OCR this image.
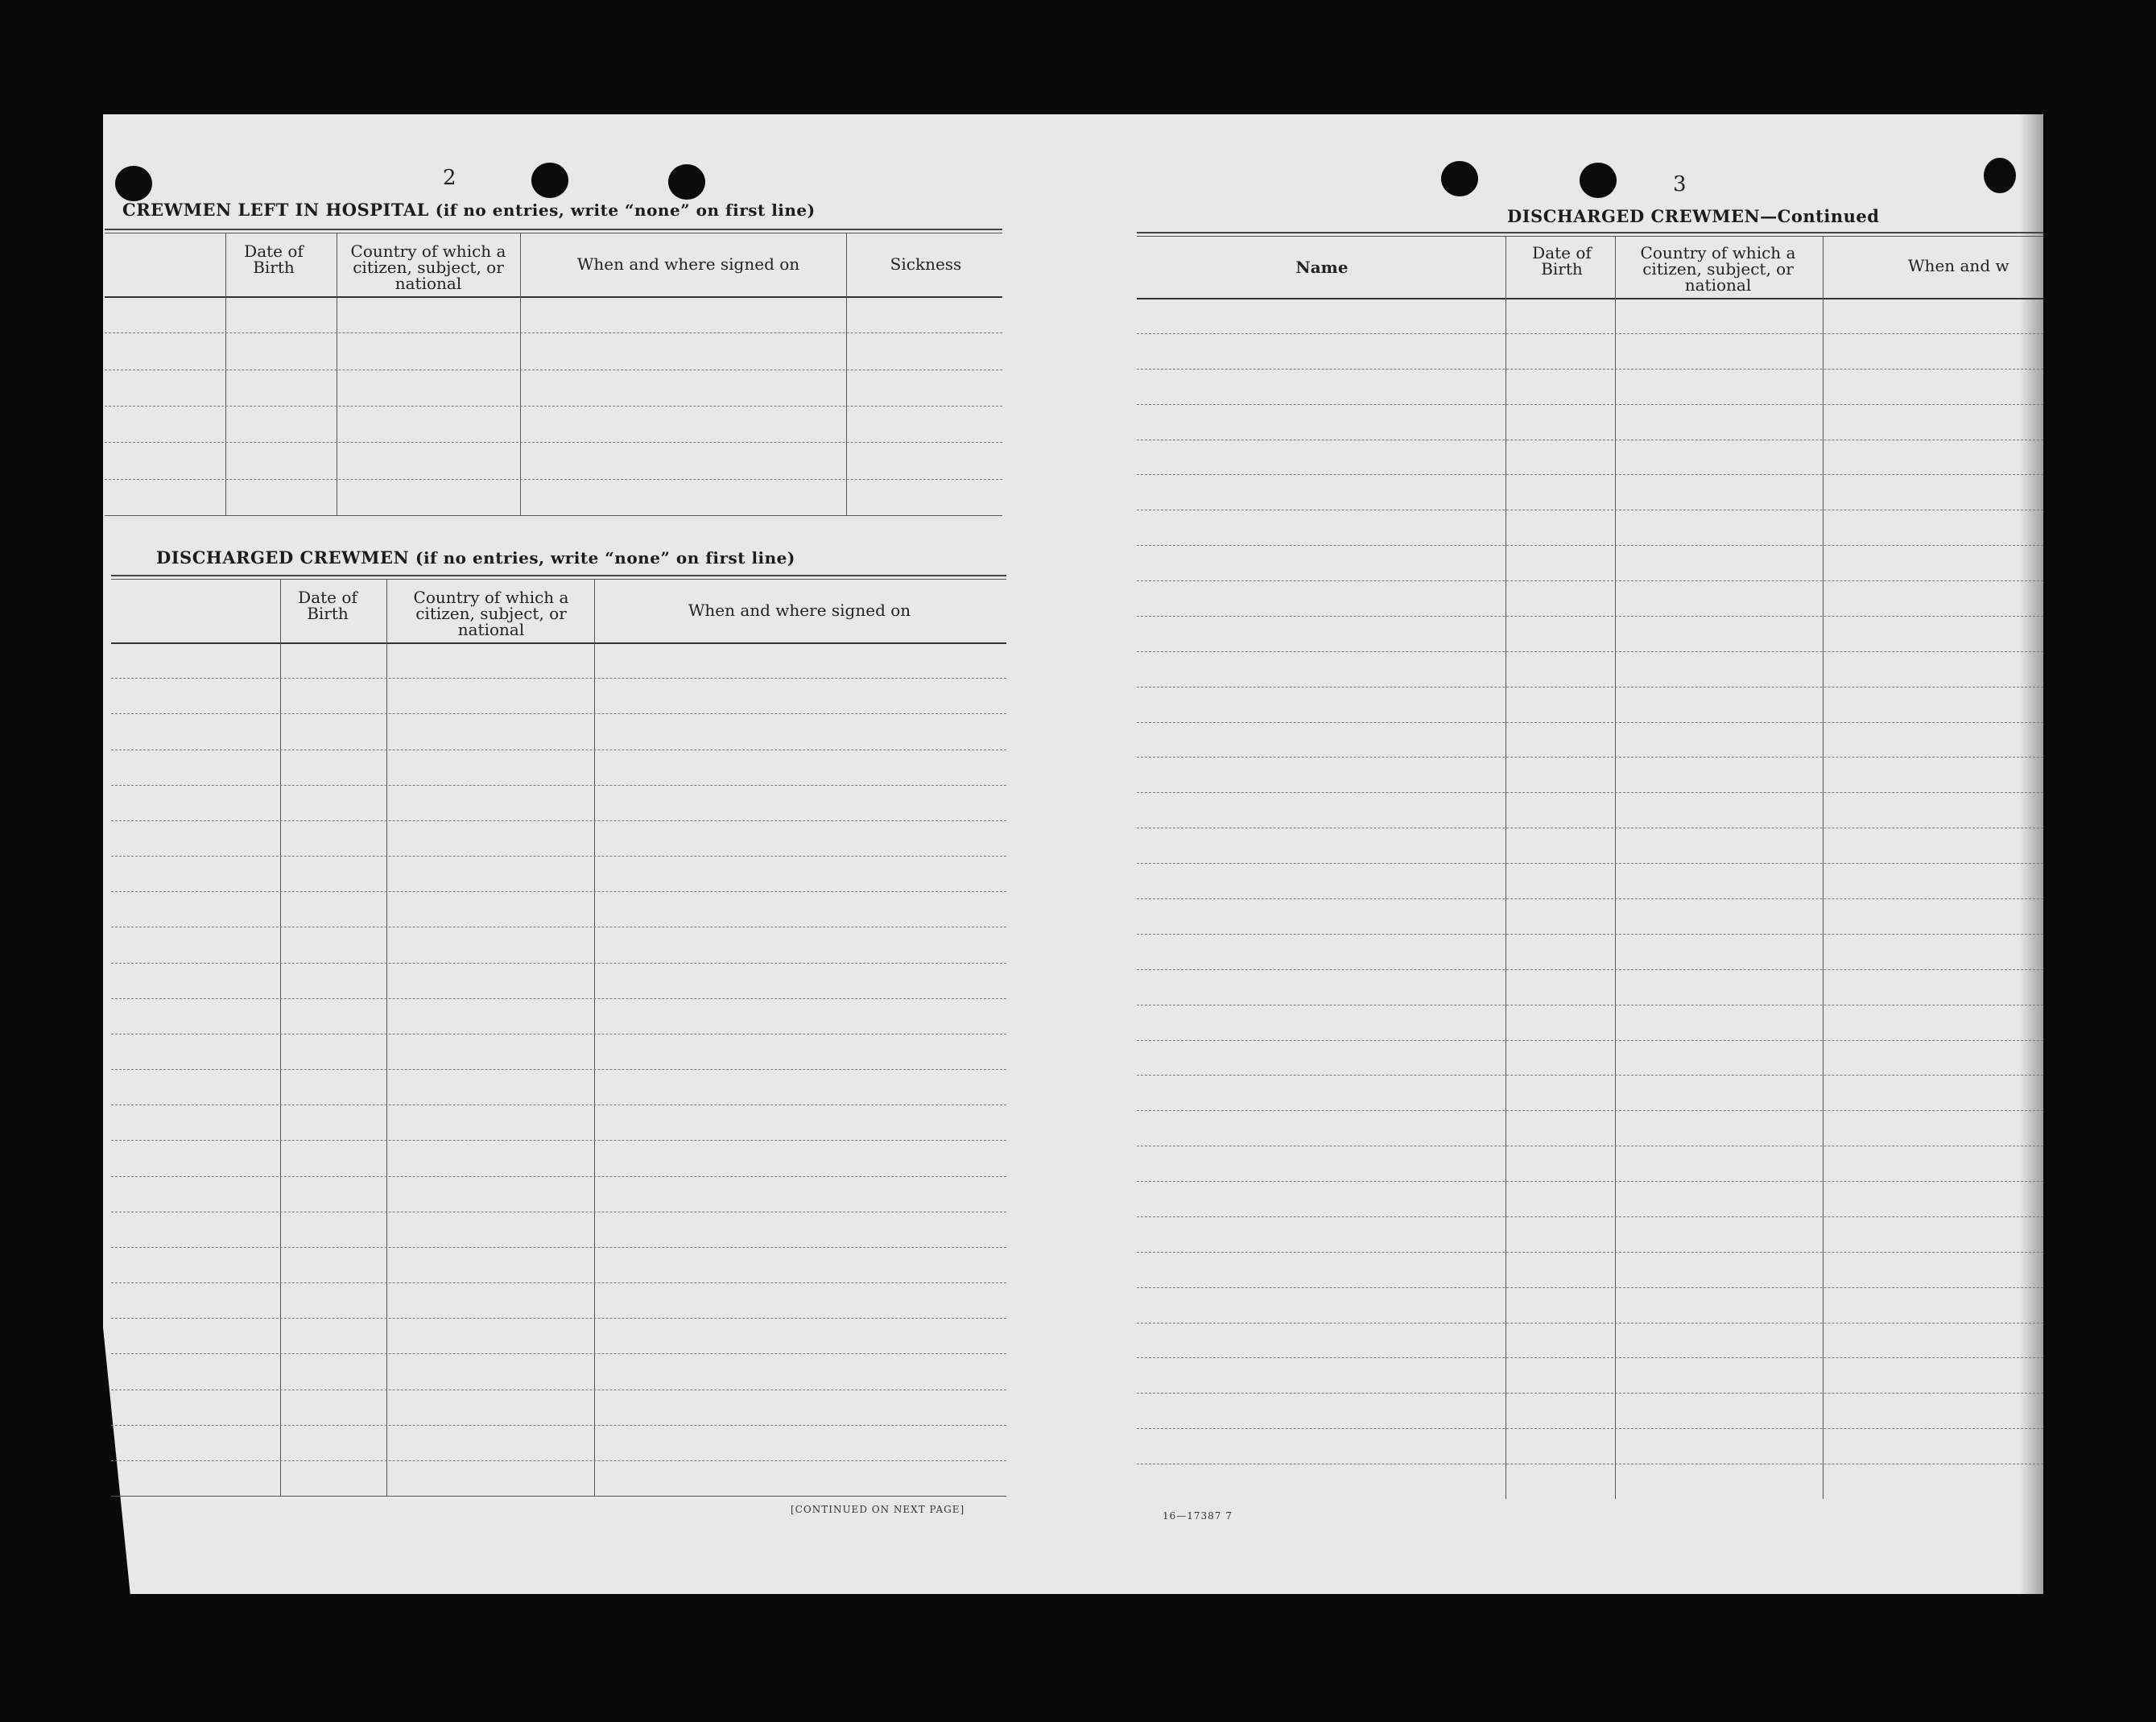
2
CREWMEN LEFT IN HOSPITAL (if no entries, write “none” on first line)
Date of Birth
Country of which a citizen, subject, or national
When and where signed on	Sickness
DISCHARGED CREWMEN (if no entries, write “none” on first line)
Date of Birth
Country of which a citizen, subject, or national
When and where signed on
[CONTINUED ON NEXT PAGE]
3
DISCHARGED CREWMEN—Continued
Name
Date of Birth
Country of which a citizen, subject, or national
When and w
16—17387 7
